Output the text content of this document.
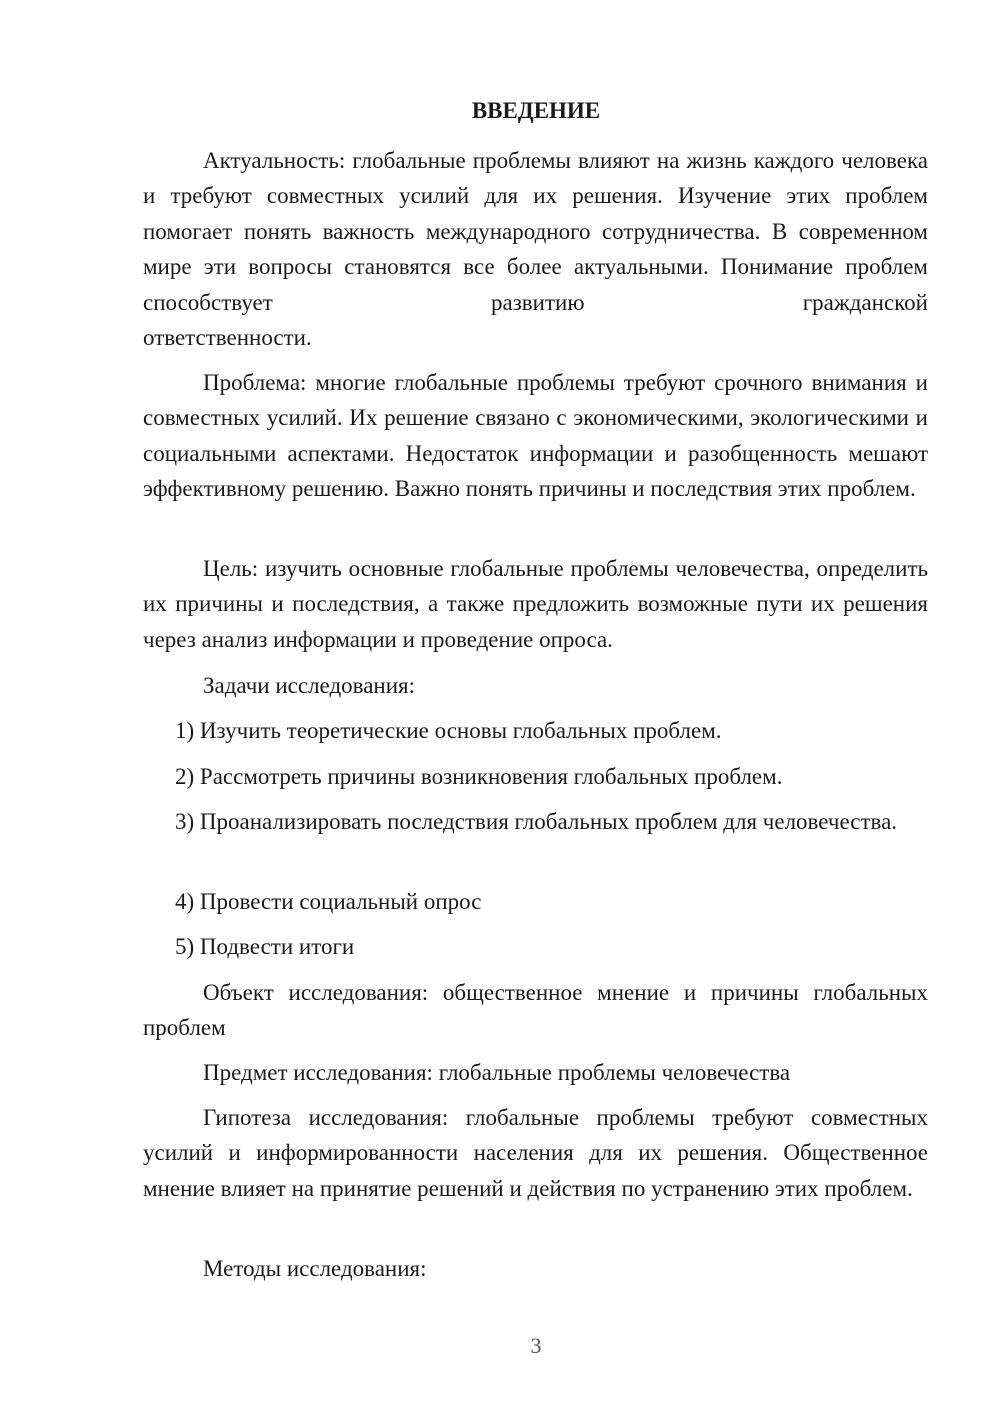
ВВЕДЕНИЕ

Актуальность: глобальные проблемы влияют на жизнь каждого человека и требуют совместных усилий для их решения. Изучение этих проблем помогает понять важность международного сотрудничества. В современном мире эти вопросы становятся все более актуальными. Понимание проблем способствует развитию гражданской

ответственности.

Проблема: многие глобальные проблемы требуют срочного внимания и совместных усилий. Их решение связано с экономическими, экологическими и социальными аспектами. Недостаток информации и разобщенность мешают эффективному решению. Важно понять причины и последствия этих проблем.

Цель: изучить основные глобальные проблемы человечества, определить их причины и последствия, а также предложить возможные пути их решения через анализ информации и проведение опроса.

Задачи исследования:

1) Изучить теоретические основы глобальных проблем.

2) Рассмотреть причины возникновения глобальных проблем.

3) Проанализировать последствия глобальных проблем для человечества.

4) Провести социальный опрос

5) Подвести итоги

Объект исследования: общественное мнение и причины глобальных проблем

Предмет исследования: глобальные проблемы человечества

Гипотеза исследования: глобальные проблемы требуют совместных усилий и информированности населения для их решения. Общественное мнение влияет на принятие решений и действия по устранению этих проблем.

Методы исследования:

3
